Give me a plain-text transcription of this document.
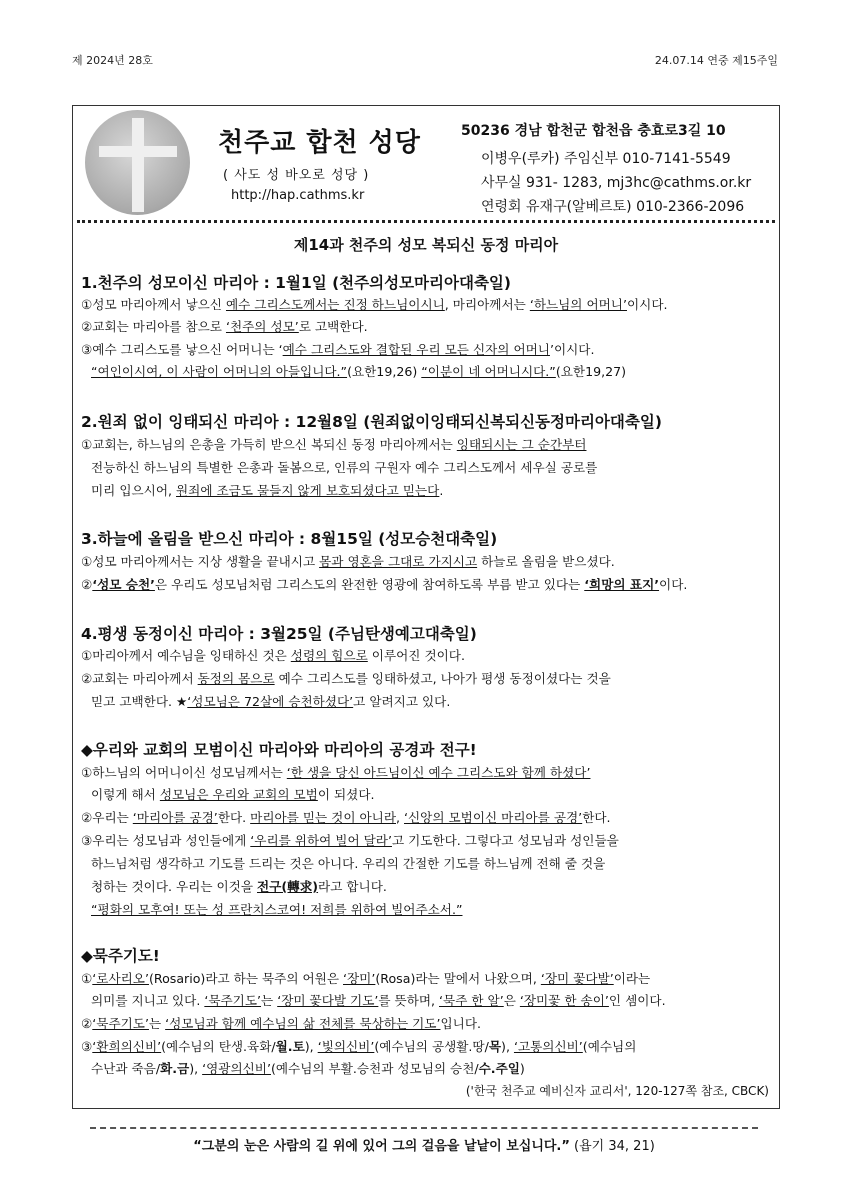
제 2024년 28호	24.07.14 연중 제15주일
천주교 합천 성당
( 사도 성 바오로 성당 )
http://hap.cathms.kr
50236 경남 합천군 합천읍 충효로3길 10
이병우(루카) 주임신부 010-7141-5549
사무실 931- 1283, mj3hc@cathms.or.kr
연령회 유재구(알베르토) 010-2366-2096
제14과 천주의 성모 복되신 동정 마리아
1.천주의 성모이신 마리아 : 1월1일 (천주의성모마리아대축일)
①성모 마리아께서 낳으신 예수 그리스도께서는 진정 하느님이시니, 마리아께서는 ‘하느님의 어머니’이시다.
②교회는 마리아를 참으로 ‘천주의 성모’로 고백한다.
③예수 그리스도를 낳으신 어머니는 ‘예수 그리스도와 결합된 우리 모든 신자의 어머니’이시다.
“여인이시여, 이 사람이 어머니의 아들입니다.”(요한19,26) “이분이 네 어머니시다.”(요한19,27)
2.원죄 없이 잉태되신 마리아 : 12월8일 (원죄없이잉태되신복되신동정마리아대축일)
①교회는, 하느님의 은총을 가득히 받으신 복되신 동정 마리아께서는 잉태되시는 그 순간부터
전능하신 하느님의 특별한 은총과 돌봄으로, 인류의 구원자 예수 그리스도께서 세우실 공로를
미리 입으시어, 원죄에 조금도 물들지 않게 보호되셨다고 믿는다.
3.하늘에 올림을 받으신 마리아 : 8월15일 (성모승천대축일)
①성모 마리아께서는 지상 생활을 끝내시고 몸과 영혼을 그대로 가지시고 하늘로 올림을 받으셨다.
②‘성모 승천’은 우리도 성모님처럼 그리스도의 완전한 영광에 참여하도록 부름 받고 있다는 ‘희망의 표지’이다.
4.평생 동정이신 마리아 : 3월25일 (주님탄생예고대축일)
①마리아께서 예수님을 잉태하신 것은 성령의 힘으로 이루어진 것이다.
②교회는 마리아께서 동정의 몸으로 예수 그리스도를 잉태하셨고, 나아가 평생 동정이셨다는 것을
믿고 고백한다. ★‘성모님은 72살에 승천하셨다’고 알려지고 있다.
◆우리와 교회의 모범이신 마리아와 마리아의 공경과 전구!
①하느님의 어머니이신 성모님께서는 ‘한 생을 당신 아드님이신 예수 그리스도와 함께 하셨다’
이렇게 해서 성모님은 우리와 교회의 모범이 되셨다.
②우리는 ‘마리아를 공경’한다. 마리아를 믿는 것이 아니라, ‘신앙의 모범이신 마리아를 공경’한다.
③우리는 성모님과 성인들에게 ‘우리를 위하여 빌어 달라’고 기도한다. 그렇다고 성모님과 성인들을
하느님처럼 생각하고 기도를 드리는 것은 아니다. 우리의 간절한 기도를 하느님께 전해 줄 것을
청하는 것이다. 우리는 이것을 전구(轉求)라고 합니다.
“평화의 모후여! 또는 성 프란치스코여! 저희를 위하여 빌어주소서.”
◆묵주기도!
①‘로사리오’(Rosario)라고 하는 묵주의 어원은 ‘장미’(Rosa)라는 말에서 나왔으며, ‘장미 꽃다발’이라는
의미를 지니고 있다. ‘묵주기도’는 ‘장미 꽃다발 기도’를 뜻하며, ‘묵주 한 알’은 ‘장미꽃 한 송이’인 셈이다.
②‘묵주기도’는 ‘성모님과 함께 예수님의 삶 전체를 묵상하는 기도’입니다.
③‘환희의신비’(예수님의 탄생.육화/월.토), ‘빛의신비’(예수님의 공생활.땅/목), ‘고통의신비’(예수님의
수난과 죽음/화.금), ‘영광의신비’(예수님의 부활.승천과 성모님의 승천/수.주일)
('한국 천주교 예비신자 교리서', 120-127쪽 참조, CBCK)
“그분의 눈은 사람의 길 위에 있어 그의 걸음을 낱낱이 보십니다.” (욥기 34, 21)
